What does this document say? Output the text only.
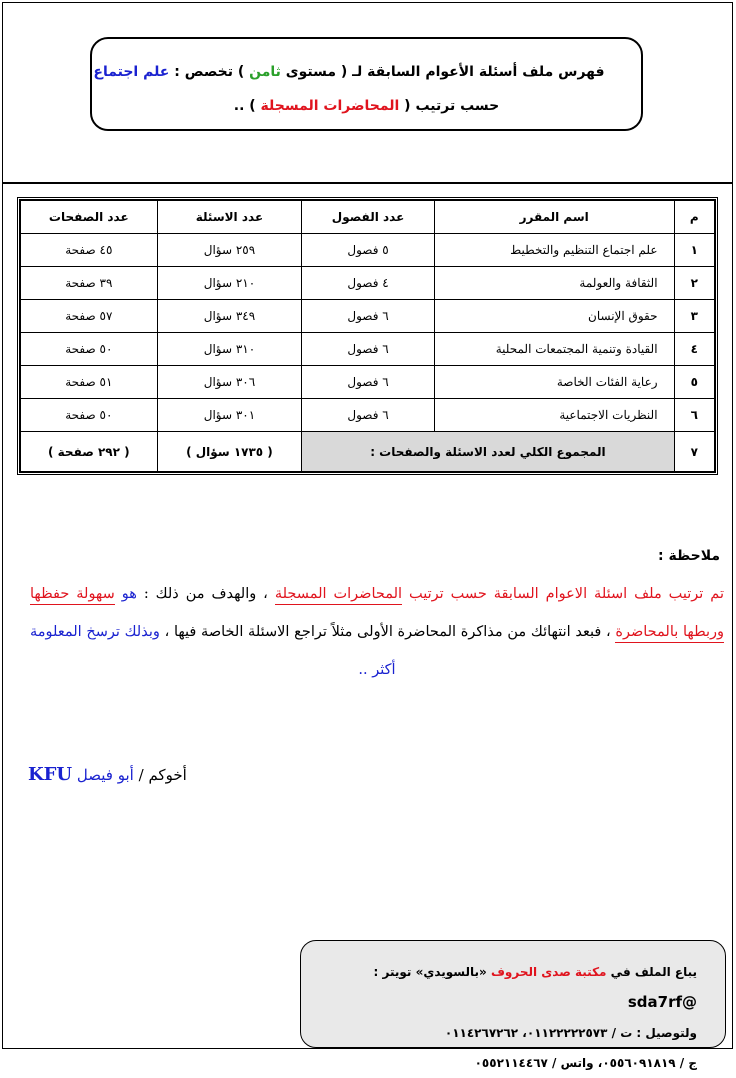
فهرس ملف أسئلة الأعوام السابقة لـ ( مستوى ثامن ) تخصص : علم اجتماع
حسب ترتيب ( المحاضرات المسجلة ) ..
م	اسم المقرر	عدد الفصول	عدد الاسئلة	عدد الصفحات
١	علم اجتماع التنظيم والتخطيط	٥ فصول	٢٥٩ سؤال	٤٥ صفحة
٢	الثقافة والعولمة	٤ فصول	٢١٠ سؤال	٣٩ صفحة
٣	حقوق الإنسان	٦ فصول	٣٤٩ سؤال	٥٧ صفحة
٤	القيادة وتنمية المجتمعات المحلية	٦ فصول	٣١٠ سؤال	٥٠ صفحة
٥	رعاية الفئات الخاصة	٦ فصول	٣٠٦ سؤال	٥١ صفحة
٦	النظريات الاجتماعية	٦ فصول	٣٠١ سؤال	٥٠ صفحة
٧	المجموع الكلي لعدد الاسئلة والصفحات :		( ١٧٣٥ سؤال )	( ٢٩٢ صفحة )
ملاحظة :
تم ترتيب ملف اسئلة الاعوام السابقة حسب ترتيب المحاضرات المسجلة ، والهدف من ذلك : هو سهولة حفظها وربطها بالمحاضرة ، فبعد انتهائك من مذاكرة المحاضرة الأولى مثلاً تراجع الاسئلة الخاصة فيها ، وبذلك ترسخ المعلومة أكثر ..
أخوكم / أبو فيصل KFU
يباع الملف في مكتبة صدى الحروف «بالسويدي» تويتر : @sda7rf
ولتوصيل : ت / ٠١١٢٢٢٢٢٥٧٣، ٠١١٤٢٦٧٢٦٢
ج / ٠٥٥٦٠٩١٨١٩، واتس / ٠٥٥٢١١٤٤٦٧
